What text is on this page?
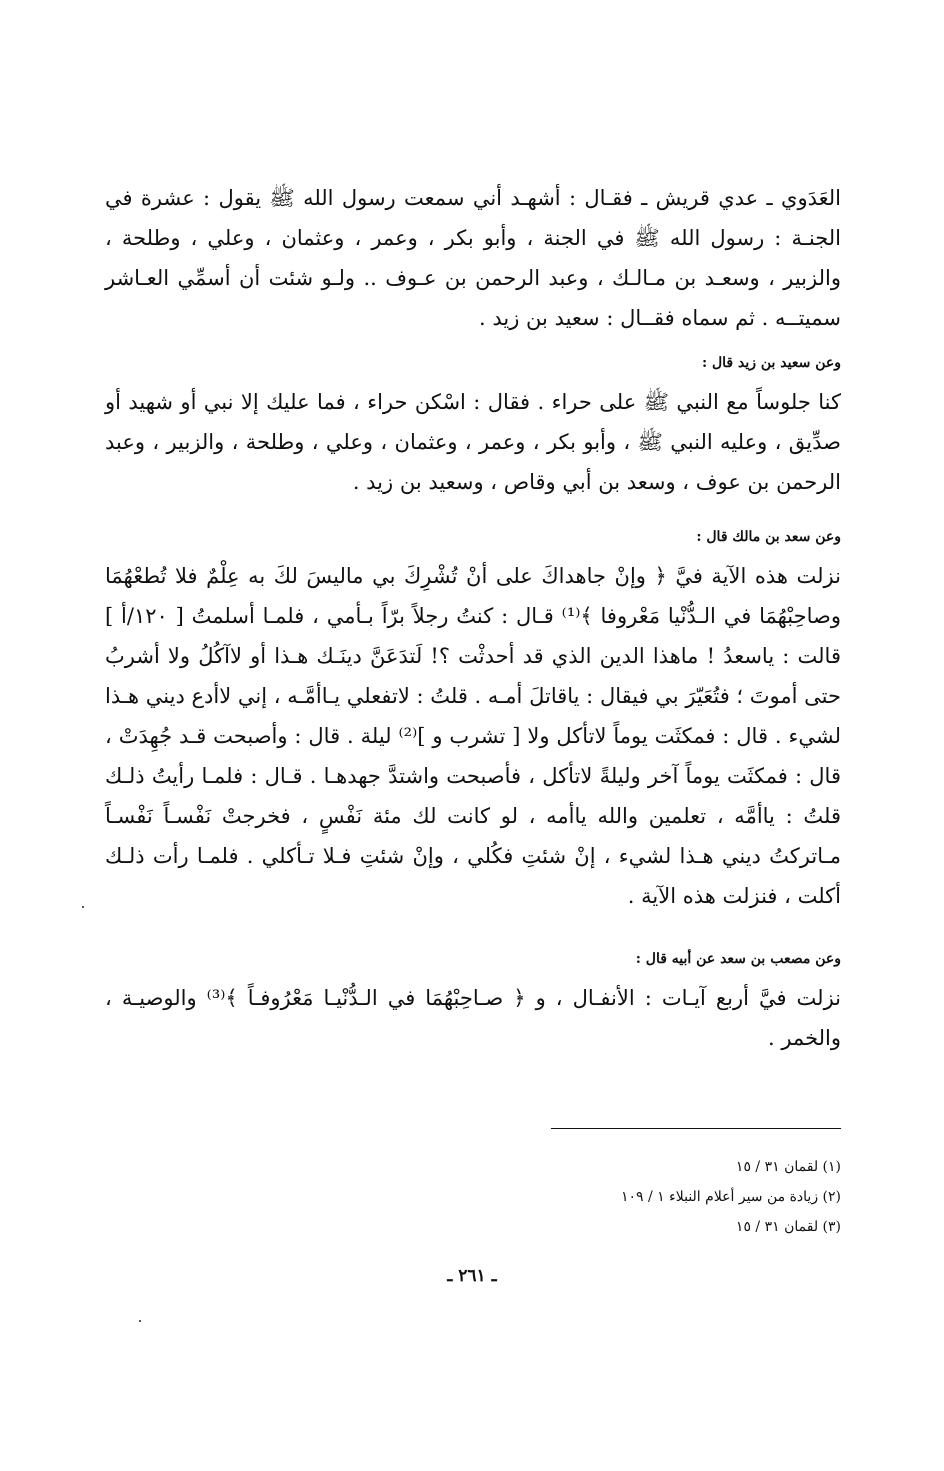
العَدَوي ـ عدي قريش ـ فقـال : أشهـد أني سمعت رسول الله ﷺ يقول : عشرة في الجنـة : رسول الله ﷺ في الجنة ، وأبو بكر ، وعمر ، وعثمان ، وعلي ، وطلحة ، والزبير ، وسعـد بن مـالـك ، وعبد الرحمن بن عـوف .. ولـو شئت أن أسمِّي العـاشر سميتــه . ثم سماه فقــال : سعيد بن زيد .

وعن سعيد بن زيد قال :

كنا جلوساً مع النبي ﷺ على حراء . فقال : اسْكن حراء ، فما عليك إلا نبي أو شهيد أو صدِّيق ، وعليه النبي ﷺ ، وأبو بكر ، وعمر ، وعثمان ، وعلي ، وطلحة ، والزبير ، وعبد الرحمن بن عوف ، وسعد بن أبي وقاص ، وسعيد بن زيد .

وعن سعد بن مالك قال :

نزلت هذه الآية فيَّ ﴿ وإنْ جاهداكَ على أنْ تُشْرِكَ بي ماليسَ لكَ به عِلْمٌ فلا تُطعْهُمَا وصاحِبْهُمَا في الـدُّنْيا مَعْروفا ﴾⁽¹⁾ قـال : كنتُ رجلاً برّاً بـأمي ، فلمـا أسلمتُ [ ١٢٠/أ ] قالت : ياسعدُ ! ماهذا الدين الذي قد أحدثْت ؟! لَتدَعَنَّ دينَـك هـذا أو لاآكُلُ ولا أشربُ حتى أموتَ ؛ فتُعَيّرَ بي فيقال : ياقاتلَ أمـه . قلتُ : لاتفعلي يـاأمَّـه ، إني لاأدع ديني هـذا لشيء . قال : فمكثَت يوماً لاتأكل ولا [ تشرب و ]⁽²⁾ ليلة . قال : وأصبحت قـد جُهِدَتْ ، قال : فمكثَت يوماً آخر وليلةً لاتأكل ، فأصبحت واشتدَّ جهدهـا . قـال : فلمـا رأيتُ ذلـك قلتُ : ياأمَّه ، تعلمين والله ياأمه ، لو كانت لك مئة نَفْسٍ ، فخرجتْ نَفْسـاً نَفْسـاً مـاتركتُ ديني هـذا لشيء ، إنْ شئتِ فكُلي ، وإنْ شئتِ فـلا تـأكلي . فلمـا رأت ذلـك أكلت ، فنزلت هذه الآية .

وعن مصعب بن سعد عن أبيه قال :

نزلت فيَّ أربع آيـات : الأنفـال ، و ﴿ صـاحِبْهُمَا في الـدُّنْيـا مَعْرُوفـاً ﴾⁽³⁾ والوصيـة ، والخمر .

(١) لقمان ٣١ / ١٥

(٢) زيادة من سير أعلام النبلاء ١ / ١٠٩

(٣) لقمان ٣١ / ١٥

ـ ٢٦١ ـ
